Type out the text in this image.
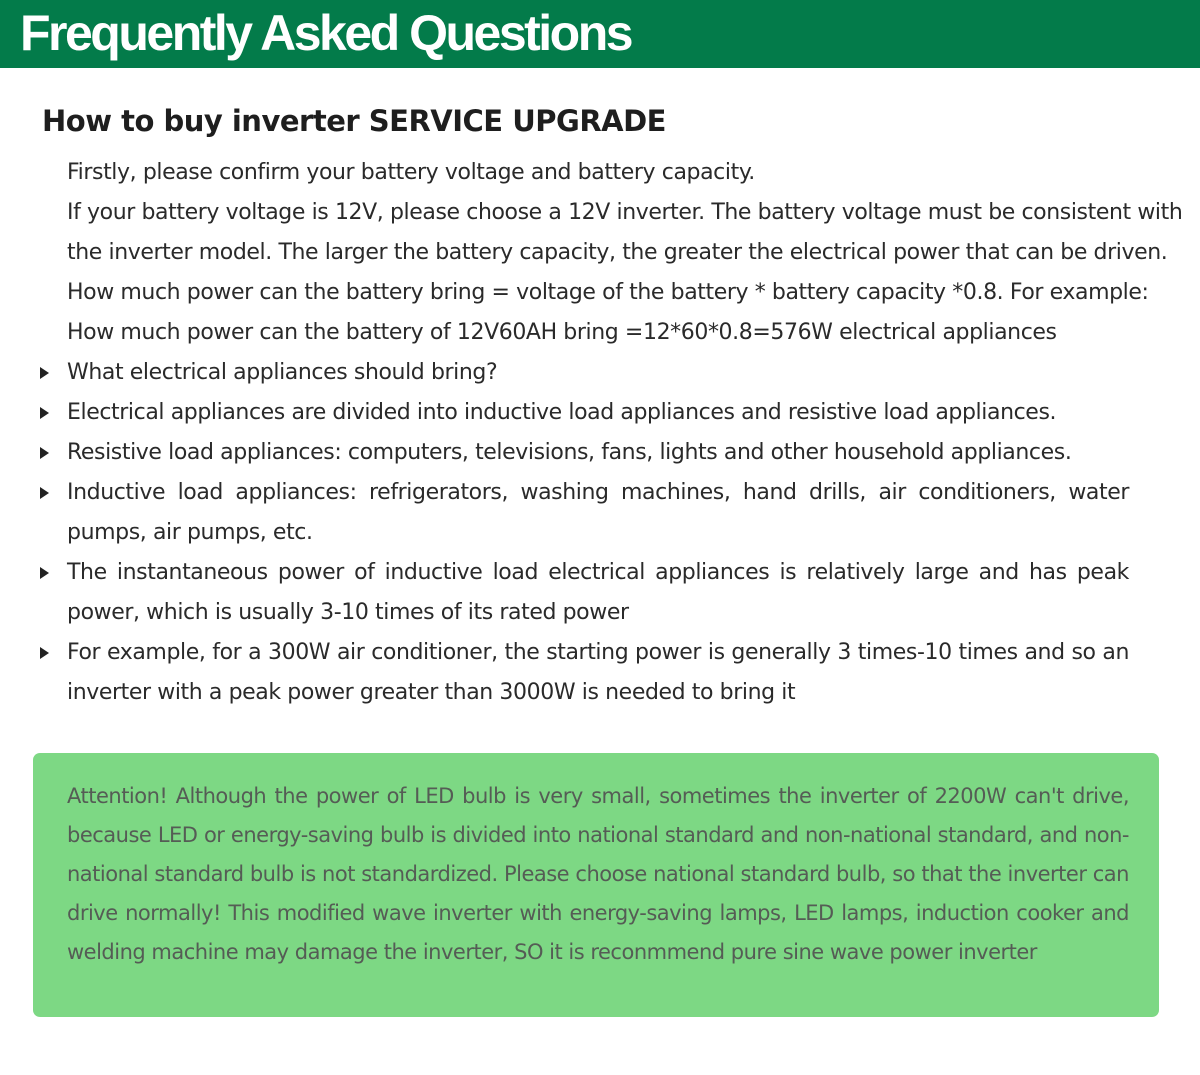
Frequently Asked Questions
How to buy inverter SERVICE UPGRADE
Firstly, please confirm your battery voltage and battery capacity.
If your battery voltage is 12V, please choose a 12V inverter. The battery voltage must be consistent with
the inverter model. The larger the battery capacity, the greater the electrical power that can be driven.
How much power can the battery bring = voltage of the battery * battery capacity *0.8. For example:
How much power can the battery of 12V60AH bring =12*60*0.8=576W electrical appliances
What electrical appliances should bring?
Electrical appliances are divided into inductive load appliances and resistive load appliances.
Resistive load appliances: computers, televisions, fans, lights and other household appliances.
Inductive load appliances: refrigerators, washing machines, hand drills, air conditioners, water pumps, air pumps, etc.
The instantaneous power of inductive load electrical appliances is relatively large and has peak power, which is usually 3-10 times of its rated power
For example, for a 300W air conditioner, the starting power is generally 3 times-10 times and so an inverter with a peak power greater than 3000W is needed to bring it
Attention! Although the power of LED bulb is very small, sometimes the inverter of 2200W can't drive, because LED or energy-saving bulb is divided into national standard and non-national standard, and non-national standard bulb is not standardized. Please choose national standard bulb, so that the inverter can drive normally! This modified wave inverter with energy-saving lamps, LED lamps, induction cooker and welding machine may damage the inverter, SO it is reconmmend pure sine wave power inverter
